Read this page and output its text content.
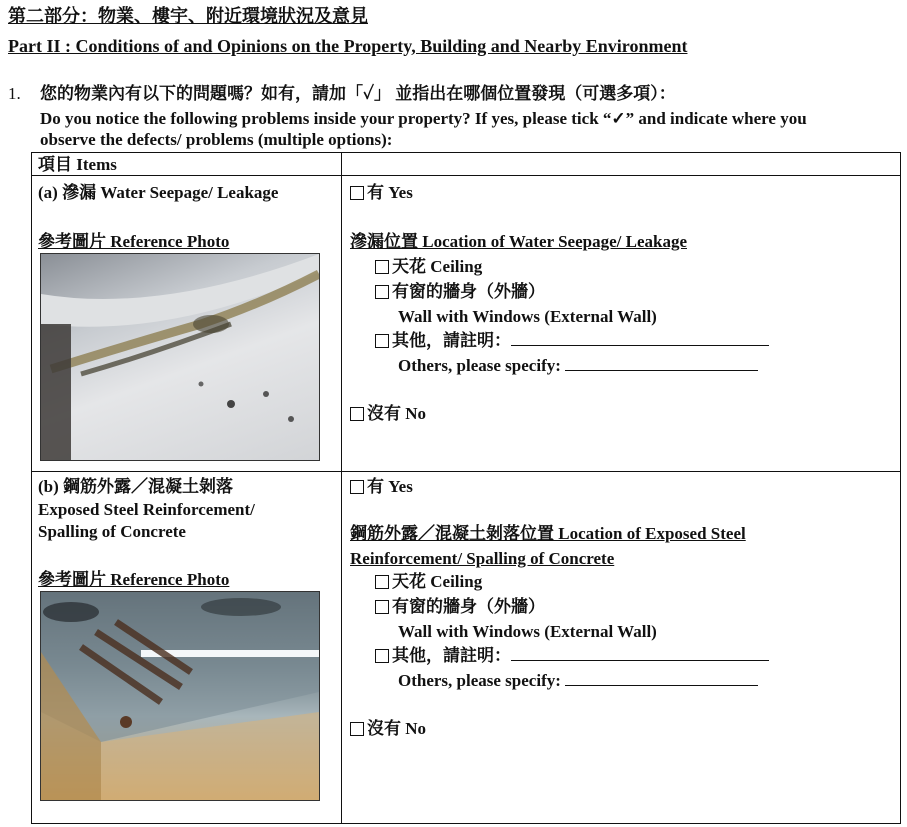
第二部分：物業、樓宇、附近環境狀況及意見
Part II : Conditions of and Opinions on the Property, Building and Nearby Environment
1. 您的物業內有以下的問題嗎？如有，請加「✓」 並指出在哪個位置發現（可選多項）：
Do you notice the following problems inside your property? If yes, please tick “✓” and indicate where you
observe the defects/ problems (multiple options):
項目 Items
(a) 滲漏 Water Seepage/ Leakage
參考圖片 Reference Photo
有 Yes
滲漏位置 Location of Water Seepage/ Leakage
天花 Ceiling
有窗的牆身（外牆）
Wall with Windows (External Wall)
其他，請註明：
Others, please specify:
沒有 No
(b) 鋼筋外露／混凝土剝落
Exposed Steel Reinforcement/
Spalling of Concrete
參考圖片 Reference Photo
有 Yes
鋼筋外露／混凝土剝落位置 Location of Exposed Steel
Reinforcement/ Spalling of Concrete
天花 Ceiling
有窗的牆身（外牆）
Wall with Windows (External Wall)
其他，請註明：
Others, please specify:
沒有 No
